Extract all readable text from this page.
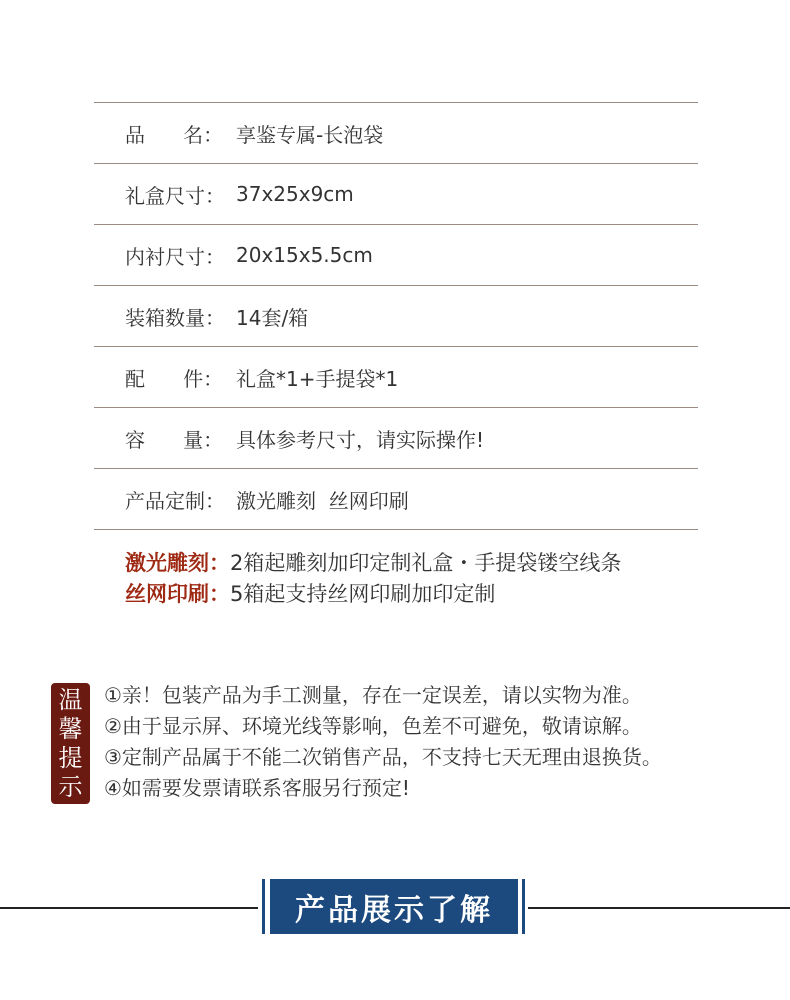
品      名： 享鉴专属-长泡袋
礼盒尺寸： 37x25x9cm
内衬尺寸： 20x15x5.5cm
装箱数量： 14套/箱
配      件： 礼盒*1+手提袋*1
容      量： 具体参考尺寸，请实际操作!
产品定制： 激光雕刻  丝网印刷
激光雕刻：2箱起雕刻加印定制礼盒・手提袋镂空线条
丝网印刷：5箱起支持丝网印刷加印定制
温
馨
提
示
①亲！包装产品为手工测量，存在一定误差，请以实物为准。
②由于显示屏、环境光线等影响，色差不可避免，敬请谅解。
③定制产品属于不能二次销售产品，不支持七天无理由退换货。
④如需要发票请联系客服另行预定!
产品展示了解
